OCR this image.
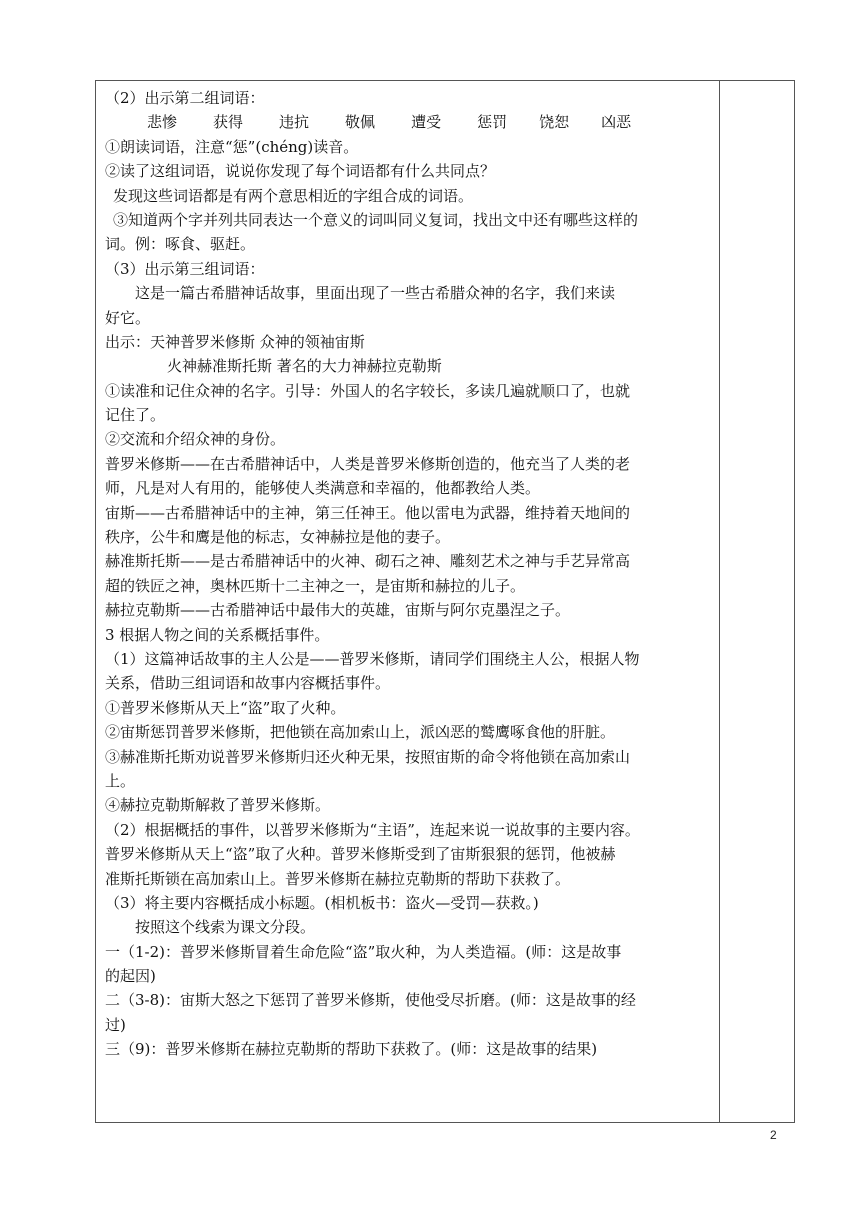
（2）出示第二组词语：
悲惨 获得 违抗 敬佩 遭受 惩罚 饶恕 凶恶
①朗读词语，注意“惩”(chéng)读音。
②读了这组词语，说说你发现了每个词语都有什么共同点？
发现这些词语都是有两个意思相近的字组合成的词语。
③知道两个字并列共同表达一个意义的词叫同义复词，找出文中还有哪些这样的
词。例：啄食、驱赶。
（3）出示第三组词语：
这是一篇古希腊神话故事，里面出现了一些古希腊众神的名字，我们来读
好它。
出示：天神普罗米修斯 众神的领袖宙斯
火神赫准斯托斯 著名的大力神赫拉克勒斯
①读准和记住众神的名字。引导：外国人的名字较长，多读几遍就顺口了，也就
记住了。
②交流和介绍众神的身份。
普罗米修斯——在古希腊神话中，人类是普罗米修斯创造的，他充当了人类的老
师，凡是对人有用的，能够使人类满意和幸福的，他都教给人类。
宙斯——古希腊神话中的主神，第三任神王。他以雷电为武器，维持着天地间的
秩序，公牛和鹰是他的标志，女神赫拉是他的妻子。
赫准斯托斯——是古希腊神话中的火神、砌石之神、雕刻艺术之神与手艺异常高
超的铁匠之神，奥林匹斯十二主神之一，是宙斯和赫拉的儿子。
赫拉克勒斯——古希腊神话中最伟大的英雄，宙斯与阿尔克墨涅之子。
3 根据人物之间的关系概括事件。
（1）这篇神话故事的主人公是——普罗米修斯，请同学们围绕主人公，根据人物
关系，借助三组词语和故事内容概括事件。
①普罗米修斯从天上“盗”取了火种。
②宙斯惩罚普罗米修斯，把他锁在高加索山上，派凶恶的鹫鹰啄食他的肝脏。
③赫准斯托斯劝说普罗米修斯归还火种无果，按照宙斯的命令将他锁在高加索山
上。
④赫拉克勒斯解救了普罗米修斯。
（2）根据概括的事件，以普罗米修斯为“主语”，连起来说一说故事的主要内容。
普罗米修斯从天上“盗”取了火种。普罗米修斯受到了宙斯狠狠的惩罚，他被赫
准斯托斯锁在高加索山上。普罗米修斯在赫拉克勒斯的帮助下获救了。
（3）将主要内容概括成小标题。(相机板书：盗火—受罚—获救。)
按照这个线索为课文分段。
一（1-2)：普罗米修斯冒着生命危险“盗”取火种，为人类造福。(师：这是故事
的起因)
二（3-8)：宙斯大怒之下惩罚了普罗米修斯，使他受尽折磨。(师：这是故事的经
过)
三（9)：普罗米修斯在赫拉克勒斯的帮助下获救了。(师：这是故事的结果)
2
